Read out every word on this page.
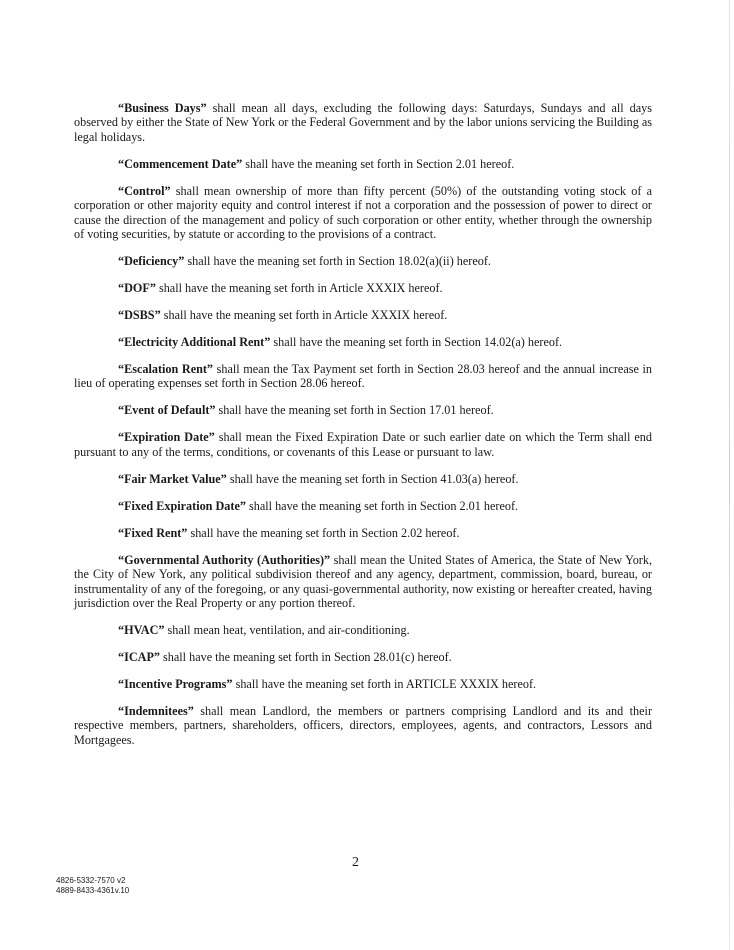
“Business Days” shall mean all days, excluding the following days: Saturdays, Sundays and all days observed by either the State of New York or the Federal Government and by the labor unions servicing the Building as legal holidays.

“Commencement Date” shall have the meaning set forth in Section 2.01 hereof.

“Control” shall mean ownership of more than fifty percent (50%) of the outstanding voting stock of a corporation or other majority equity and control interest if not a corporation and the possession of power to direct or cause the direction of the management and policy of such corporation or other entity, whether through the ownership of voting securities, by statute or according to the provisions of a contract.

“Deficiency” shall have the meaning set forth in Section 18.02(a)(ii) hereof.

“DOF” shall have the meaning set forth in Article XXXIX hereof.

“DSBS” shall have the meaning set forth in Article XXXIX hereof.

“Electricity Additional Rent” shall have the meaning set forth in Section 14.02(a) hereof.

“Escalation Rent” shall mean the Tax Payment set forth in Section 28.03 hereof and the annual increase in lieu of operating expenses set forth in Section 28.06 hereof.

“Event of Default” shall have the meaning set forth in Section 17.01 hereof.

“Expiration Date” shall mean the Fixed Expiration Date or such earlier date on which the Term shall end pursuant to any of the terms, conditions, or covenants of this Lease or pursuant to law.

“Fair Market Value” shall have the meaning set forth in Section 41.03(a) hereof.

“Fixed Expiration Date” shall have the meaning set forth in Section 2.01 hereof.

“Fixed Rent” shall have the meaning set forth in Section 2.02 hereof.

“Governmental Authority (Authorities)” shall mean the United States of America, the State of New York, the City of New York, any political subdivision thereof and any agency, department, commission, board, bureau, or instrumentality of any of the foregoing, or any quasi-governmental authority, now existing or hereafter created, having jurisdiction over the Real Property or any portion thereof.

“HVAC” shall mean heat, ventilation, and air-conditioning.

“ICAP” shall have the meaning set forth in Section 28.01(c) hereof.

“Incentive Programs” shall have the meaning set forth in ARTICLE XXXIX hereof.

“Indemnitees” shall mean Landlord, the members or partners comprising Landlord and its and their respective members, partners, shareholders, officers, directors, employees, agents, and contractors, Lessors and Mortgagees.

2
4826-5332-7570 v2
4889-8433-4361v.10
